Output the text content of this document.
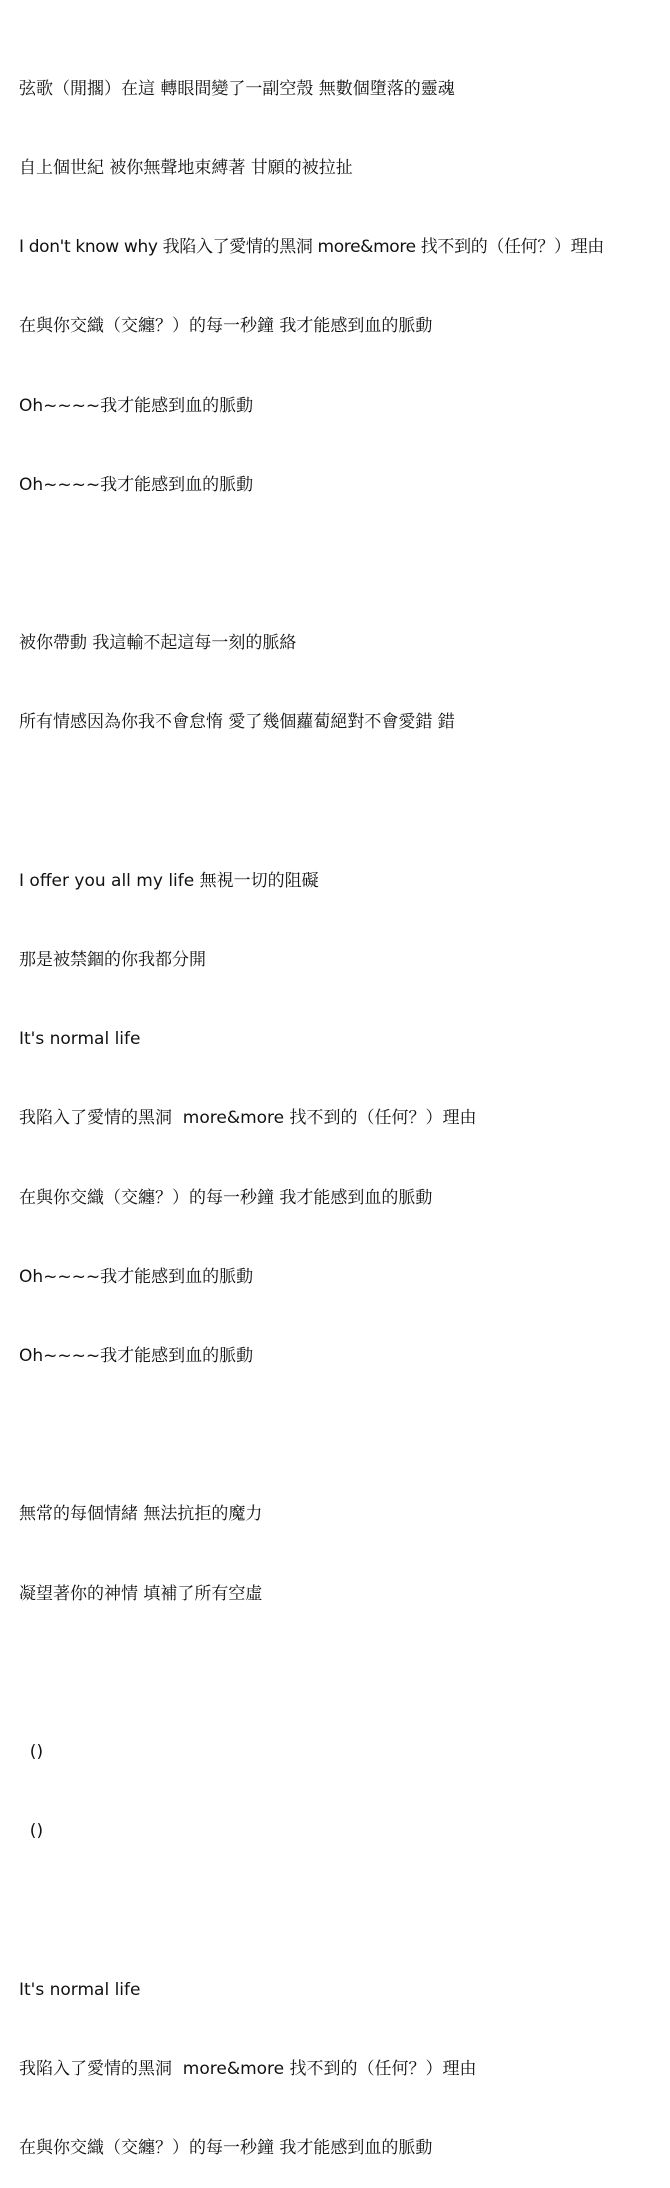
弦歌（閒擱）在這 轉眼間變了一副空殼 無數個墮落的靈魂

自上個世紀 被你無聲地束縛著 甘願的被拉扯

I don't know why 我陷入了愛情的黑洞 more&more 找不到的（任何？）理由

在與你交織（交纏？）的每一秒鐘 我才能感到血的脈動

Oh~~~~我才能感到血的脈動

Oh~~~~我才能感到血的脈動

被你帶動 我這輸不起這每一刻的脈絡

所有情感因為你我不會怠惰 愛了幾個蘿蔔絕對不會愛錯 錯

I offer you all my life 無視一切的阻礙

那是被禁錮的你我都分開

It's normal life

我陷入了愛情的黑洞  more&more 找不到的（任何？）理由

在與你交織（交纏？）的每一秒鐘 我才能感到血的脈動

Oh~~~~我才能感到血的脈動

Oh~~~~我才能感到血的脈動

無常的每個情緒 無法抗拒的魔力

凝望著你的神情 填補了所有空虛

()

()

It's normal life

我陷入了愛情的黑洞  more&more 找不到的（任何？）理由

在與你交織（交纏？）的每一秒鐘 我才能感到血的脈動
